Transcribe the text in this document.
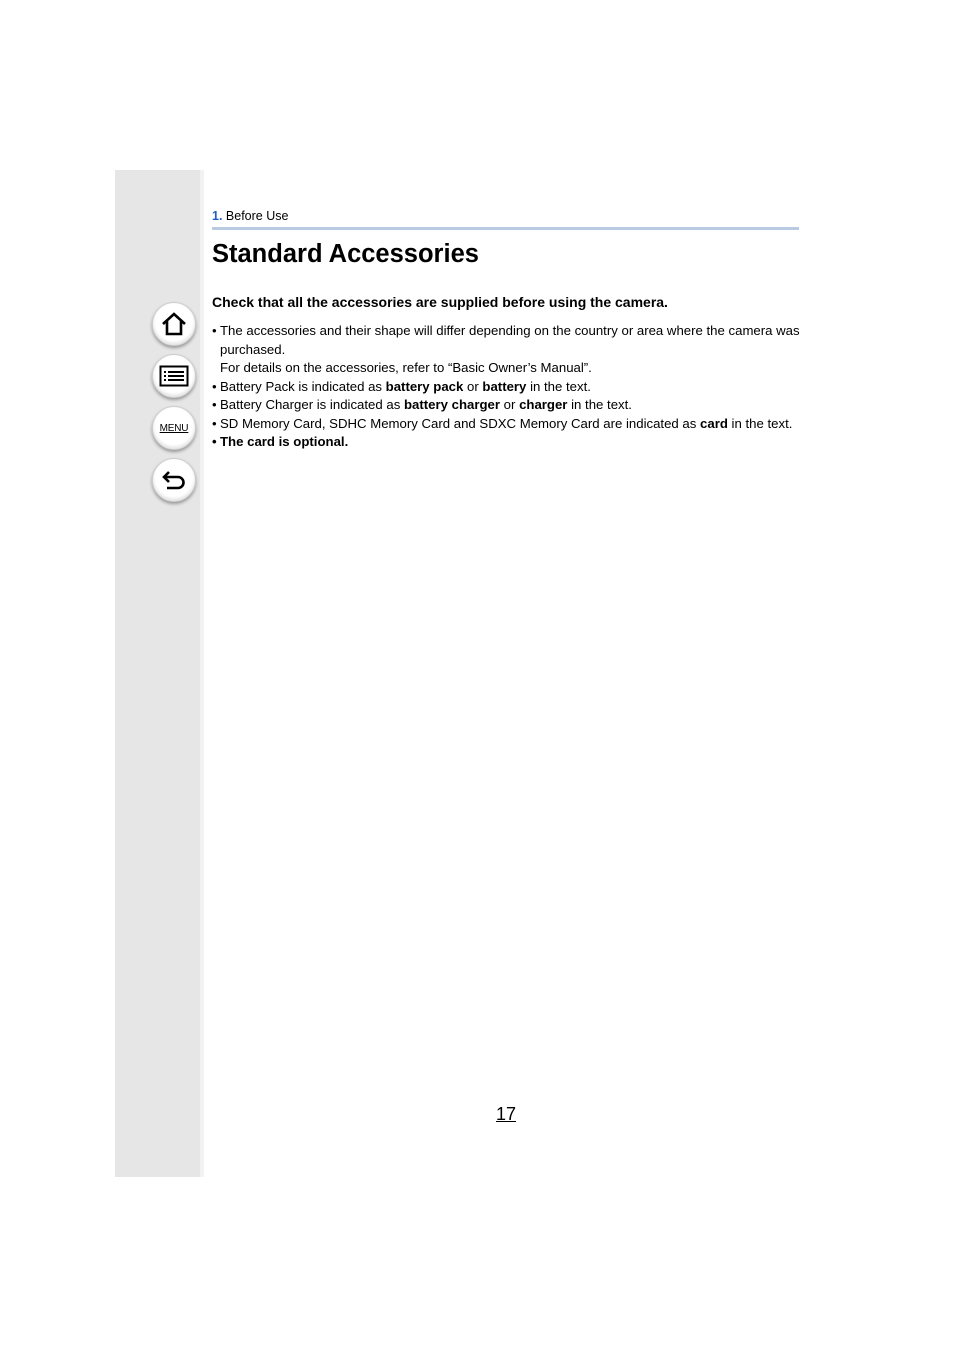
MENU
1. Before Use
Standard Accessories

Check that all the accessories are supplied before using the camera.

• The accessories and their shape will differ depending on the country or area where the camera was purchased.
For details on the accessories, refer to “Basic Owner’s Manual”.
• Battery Pack is indicated as battery pack or battery in the text.
• Battery Charger is indicated as battery charger or charger in the text.
• SD Memory Card, SDHC Memory Card and SDXC Memory Card are indicated as card in the text.
• The card is optional.
17
